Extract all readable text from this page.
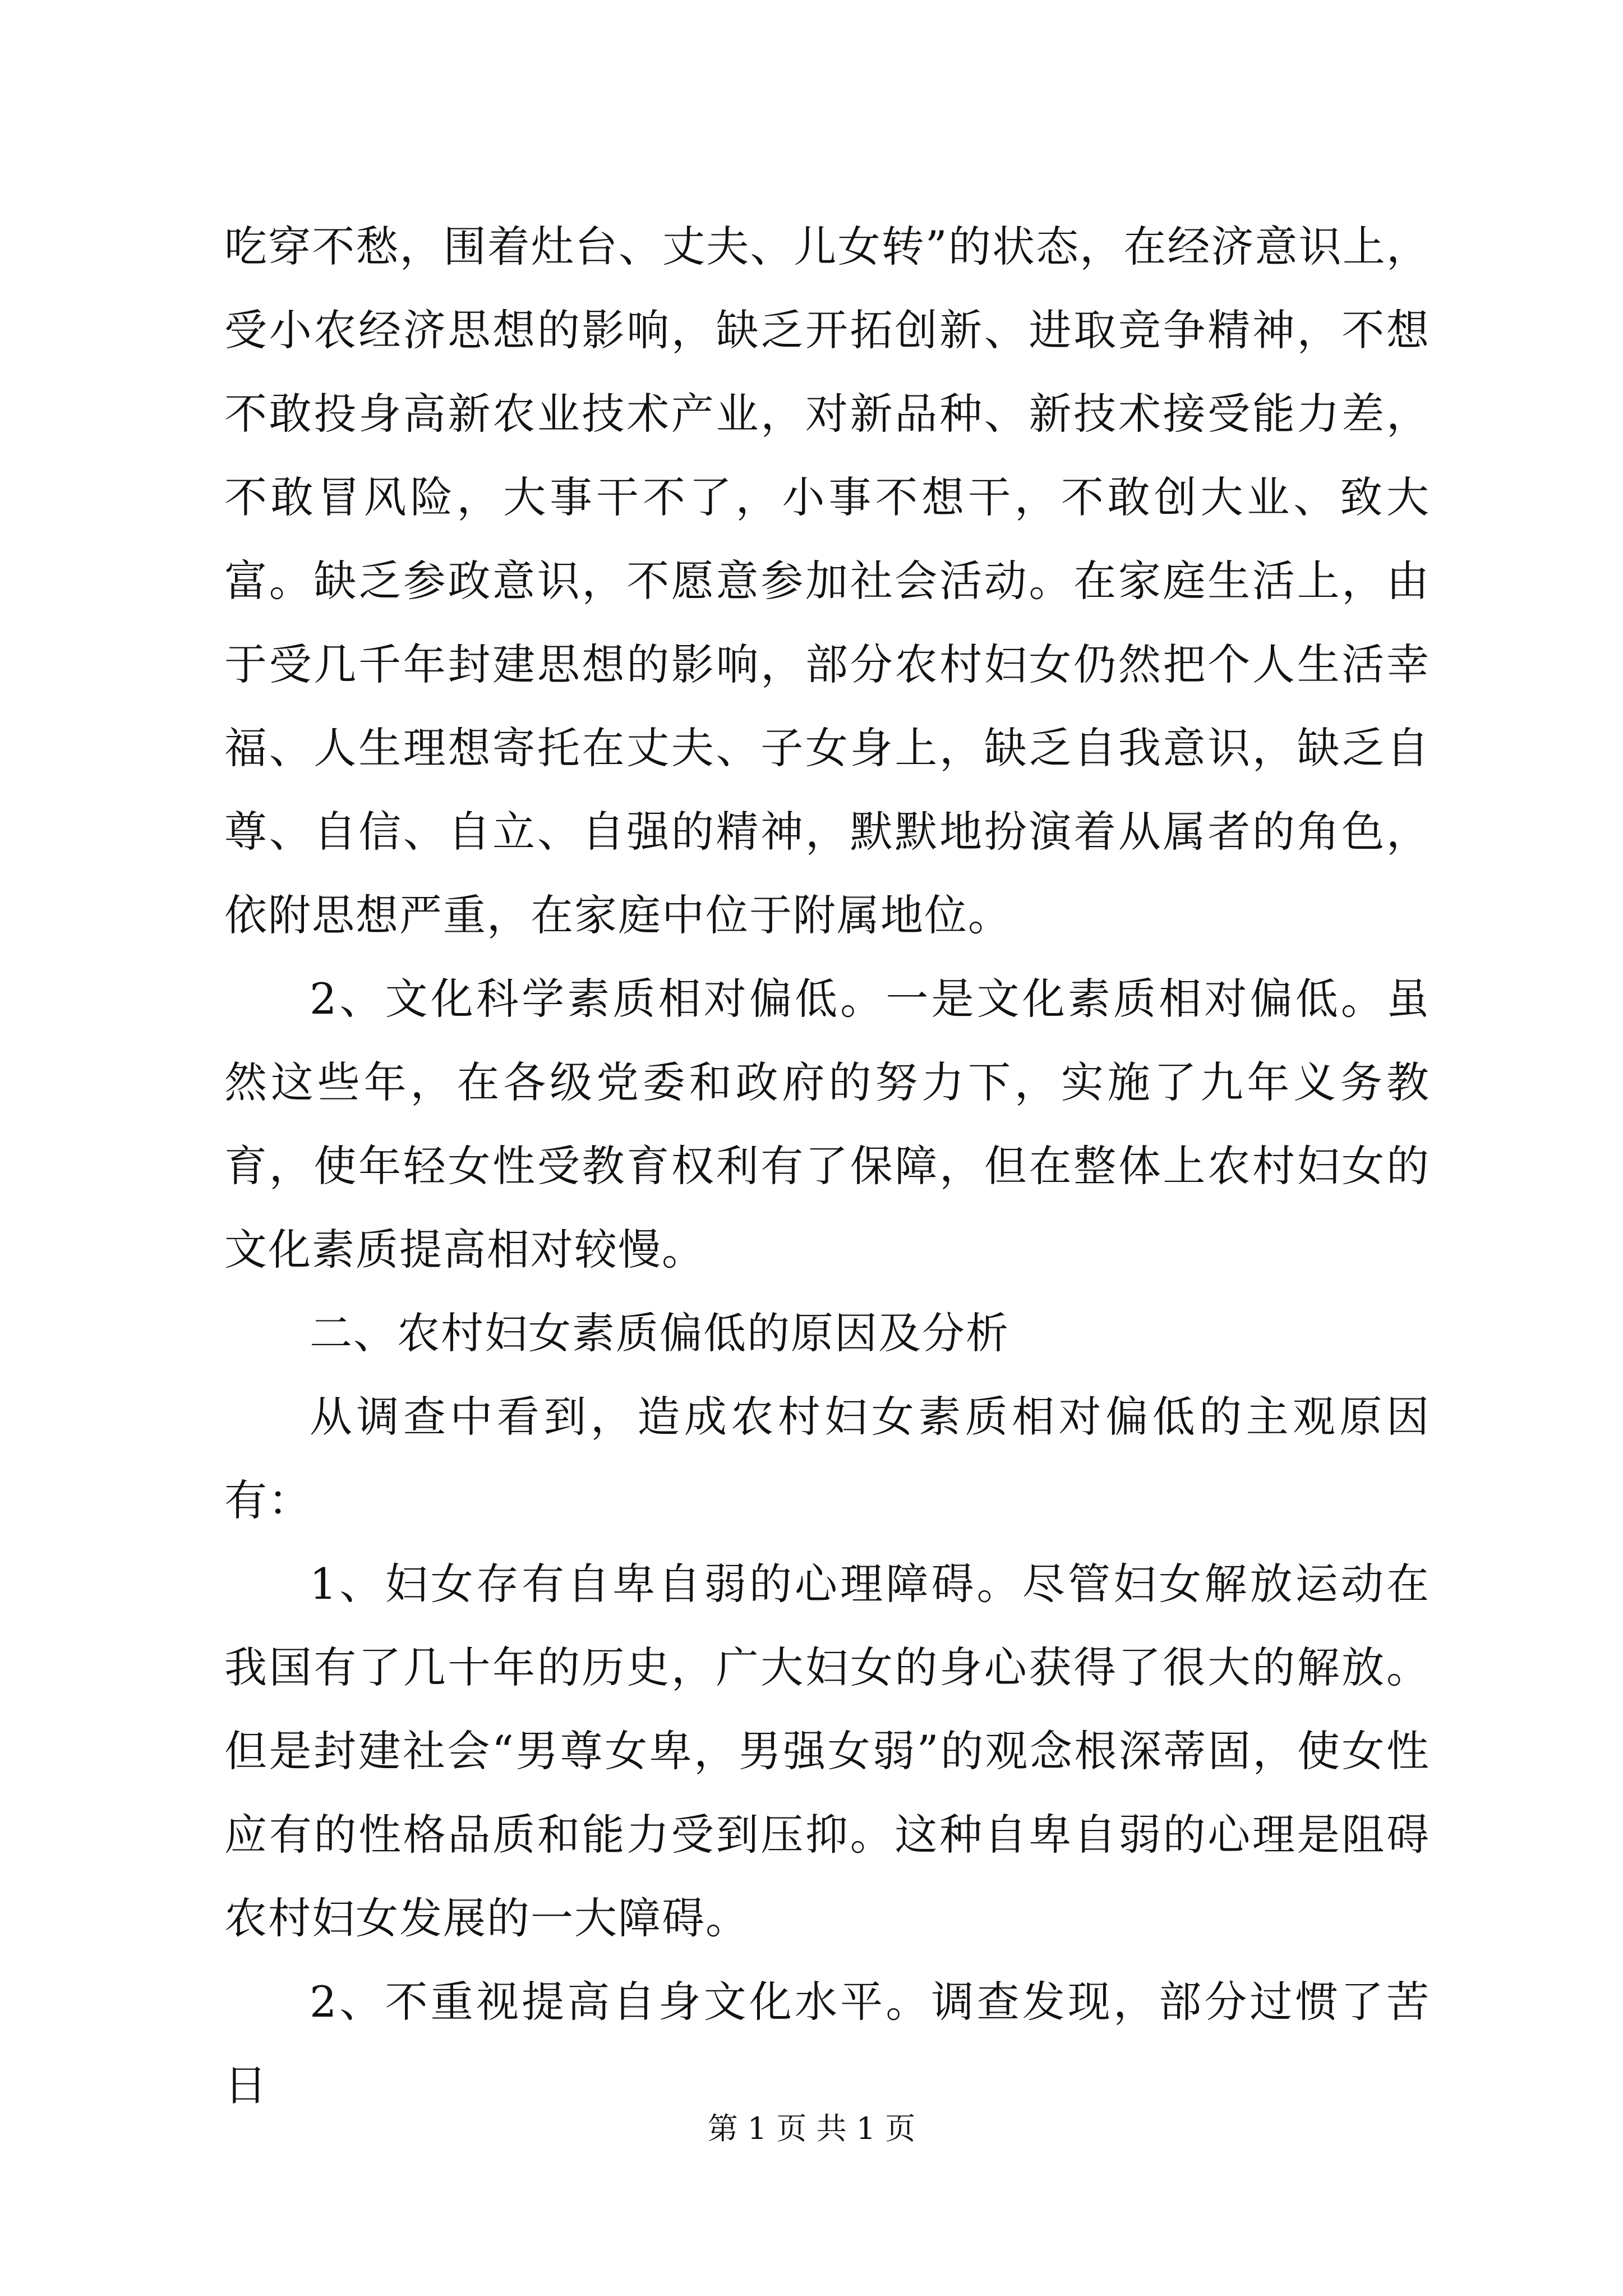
吃穿不愁，围着灶台、丈夫、儿女转”的状态，在经济意识上，受小农经济思想的影响，缺乏开拓创新、进取竞争精神，不想不敢投身高新农业技术产业，对新品种、新技术接受能力差，不敢冒风险，大事干不了，小事不想干，不敢创大业、致大富。缺乏参政意识，不愿意参加社会活动。在家庭生活上，由于受几千年封建思想的影响，部分农村妇女仍然把个人生活幸福、人生理想寄托在丈夫、子女身上，缺乏自我意识，缺乏自尊、自信、自立、自强的精神，默默地扮演着从属者的角色，依附思想严重，在家庭中位于附属地位。

2、文化科学素质相对偏低。一是文化素质相对偏低。虽然这些年，在各级党委和政府的努力下，实施了九年义务教育，使年轻女性受教育权利有了保障，但在整体上农村妇女的文化素质提高相对较慢。

二、农村妇女素质偏低的原因及分析

从调查中看到，造成农村妇女素质相对偏低的主观原因有：

1、妇女存有自卑自弱的心理障碍。尽管妇女解放运动在我国有了几十年的历史，广大妇女的身心获得了很大的解放。但是封建社会“男尊女卑，男强女弱”的观念根深蒂固，使女性应有的性格品质和能力受到压抑。这种自卑自弱的心理是阻碍农村妇女发展的一大障碍。

2、不重视提高自身文化水平。调查发现，部分过惯了苦日

第 1 页 共 1 页
